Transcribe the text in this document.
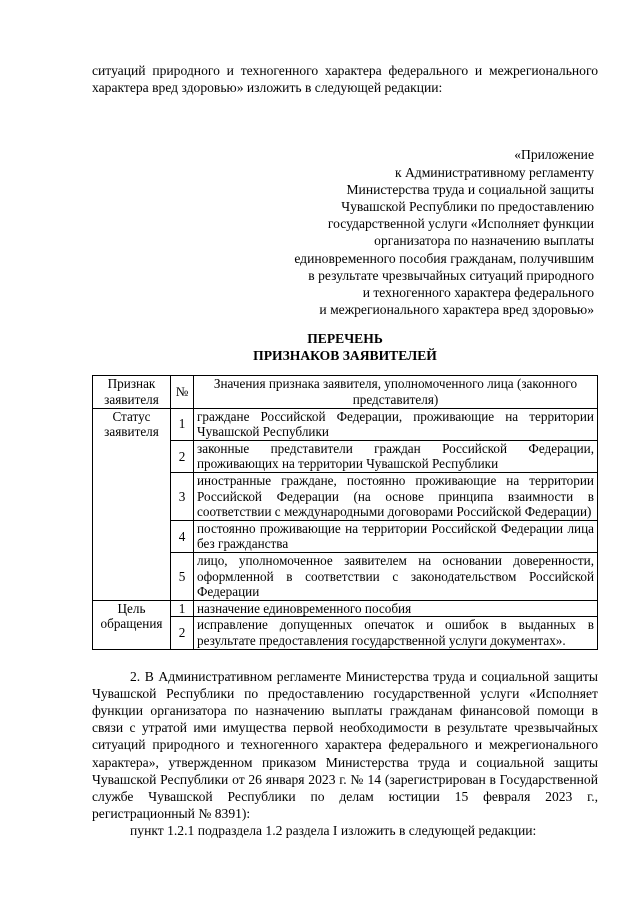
ситуаций природного и техногенного характера федерального и межрегионального характера вред здоровью» изложить в следующей редакции:

«Приложение
к Административному регламенту
Министерства труда и социальной защиты
Чувашской Республики по предоставлению
государственной услуги «Исполняет функции
организатора по назначению выплаты
единовременного пособия гражданам, получившим
в результате чрезвычайных ситуаций природного
и техногенного характера федерального
и межрегионального характера вред здоровью»

ПЕРЕЧЕНЬ
ПРИЗНАКОВ ЗАЯВИТЕЛЕЙ
Признак заявителя	№	Значения признака заявителя, уполномоченного лица (законного представителя)
Статус заявителя	1	граждане Российской Федерации, проживающие на территории Чувашской Республики
	2	законные представители граждан Российской Федерации, проживающих на территории Чувашской Республики
	3	иностранные граждане, постоянно проживающие на территории Российской Федерации (на основе принципа взаимности в соответствии с международными договорами Российской Федерации)
	4	постоянно проживающие на территории Российской Федерации лица без гражданства
	5	лицо, уполномоченное заявителем на основании доверенности, оформленной в соответствии с законодательством Российской Федерации
Цель обращения	1	назначение единовременного пособия
	2	исправление допущенных опечаток и ошибок в выданных в результате предоставления государственной услуги документах».

2. В Административном регламенте Министерства труда и социальной защиты Чувашской Республики по предоставлению государственной услуги «Исполняет функции организатора по назначению выплаты гражданам финансовой помощи в связи с утратой ими имущества первой необходимости в результате чрезвычайных ситуаций природного и техногенного характера федерального и межрегионального характера», утвержденном приказом Министерства труда и социальной защиты Чувашской Республики от 26 января 2023 г. № 14 (зарегистрирован в Государственной службе Чувашской Республики по делам юстиции 15 февраля 2023 г., регистрационный № 8391):

пункт 1.2.1 подраздела 1.2 раздела I изложить в следующей редакции:
